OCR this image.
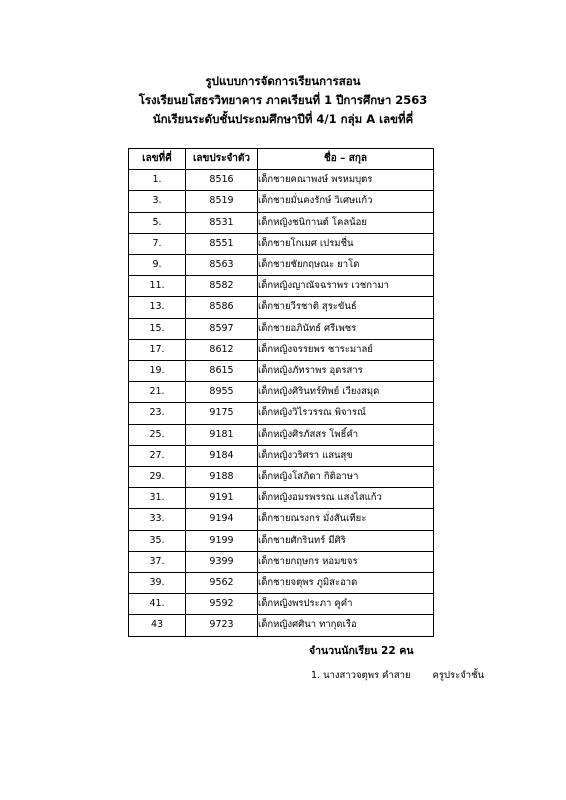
รูปแบบการจัดการเรียนการสอน
โรงเรียนยโสธรวิทยาคาร ภาคเรียนที่ 1 ปีการศึกษา 2563
นักเรียนระดับชั้นประถมศึกษาปีที่ 4/1 กลุ่ม A เลขที่คี่
เลขที่คี่	เลขประจำตัว	ชื่อ – สกุล
1.	8516	เด็กชายคณาพงษ์ พรหมบุตร
3.	8519	เด็กชายมั่นคงรักษ์ วิเศษแก้ว
5.	8531	เด็กหญิงชนิกานต์ โคลน้อย
7.	8551	เด็กชายโกเมศ เปรมชื่น
9.	8563	เด็กชายชัยกฤษณะ ยาโด
11.	8582	เด็กหญิงญาณัจฉราพร เวชกามา
13.	8586	เด็กชายวีรชาติ สุระขันธ์
15.	8597	เด็กชายอภินัทธ์ ศรีเพชร
17.	8612	เด็กหญิงจรรยพร ชาระมาลย์
19.	8615	เด็กหญิงภัทราพร อุดรสาร
21.	8955	เด็กหญิงศิรินทร์ทิพย์ เวียงสมุด
23.	9175	เด็กหญิงวิไรวรรณ พิจารณ์
25.	9181	เด็กหญิงศิรภัสสร โพธิ์คำ
27.	9184	เด็กหญิงวริศรา แสนสุข
29.	9188	เด็กหญิงโสภิดา กิติอาษา
31.	9191	เด็กหญิงอมรพรรณ แสงไสแก้ว
33.	9194	เด็กชายณรงกร มั่งสันเทียะ
35.	9199	เด็กชายศักรินทร์ มีศิริ
37.	9399	เด็กชายกฤษกร หอมขจร
39.	9562	เด็กชายจตุพร ภูมิสะอาด
41.	9592	เด็กหญิงพรประภา คูคำ
43	9723	เด็กหญิงศศินา ทากุดเรือ
จำนวนนักเรียน 22 คน
1. นางสาวจตุพร คำสาย ครูประจำชั้น
